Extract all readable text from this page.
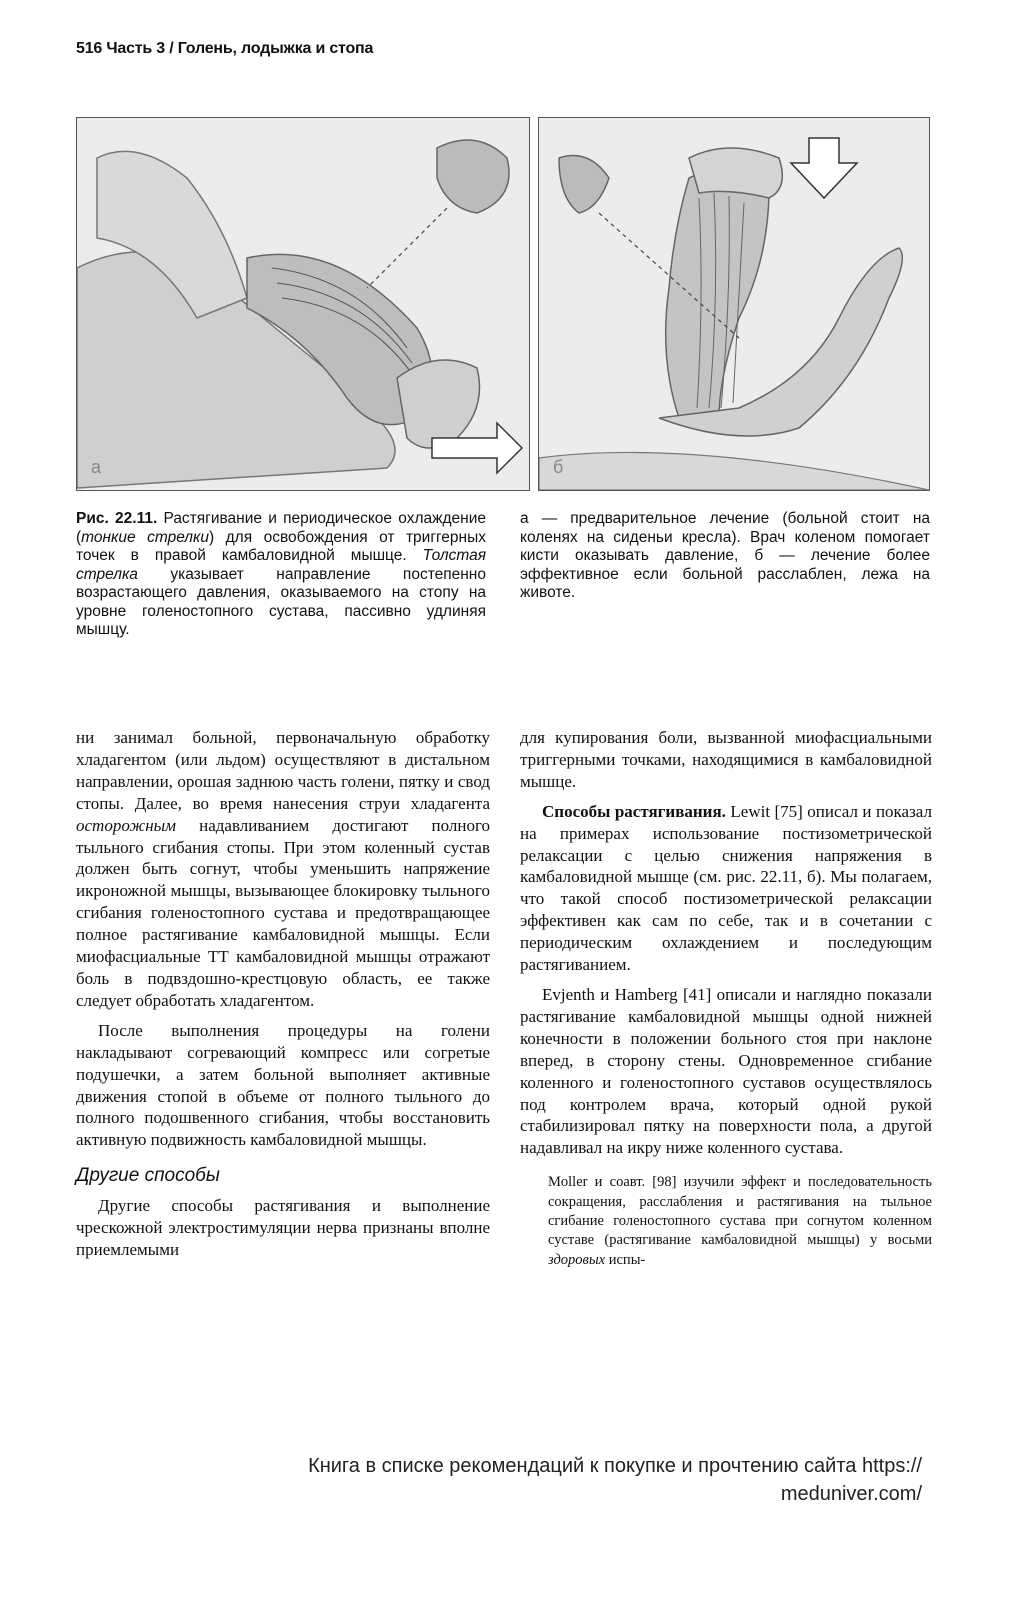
516 Часть 3 / Голень, лодыжка и стопа
a	б
Рис. 22.11. Растягивание и периодическое охлаждение (тонкие стрелки) для освобождения от триггерных точек в правой камбаловидной мышце. Толстая стрелка указывает направление постепенно возрастающего давления, оказываемого на стопу на уровне голеностопного сустава, пассивно удлиняя мышцу.
а — предварительное лечение (больной стоит на коленях на сиденьи кресла). Врач коленом помогает кисти оказывать давление, б — лечение более эффективное если больной расслаблен, лежа на животе.

ни занимал больной, первоначальную обработку хладагентом (или льдом) осуществляют в дистальном направлении, орошая заднюю часть голени, пятку и свод стопы. Далее, во время нанесения струи хладагента осторожным надавливанием достигают полного тыльного сгибания стопы. При этом коленный сустав должен быть согнут, чтобы уменьшить напряжение икроножной мышцы, вызывающее блокировку тыльного сгибания голеностопного сустава и предотвращающее полное растягивание камбаловидной мышцы. Если миофасциальные ТТ камбаловидной мышцы отражают боль в подвздошно-крестцовую область, ее также следует обработать хладагентом.

После выполнения процедуры на голени накладывают согревающий компресс или согретые подушечки, а затем больной выполняет активные движения стопой в объеме от полного тыльного до полного подошвенного сгибания, чтобы восстановить активную подвижность камбаловидной мышцы.

Другие способы

Другие способы растягивания и выполнение чрескожной электростимуляции нерва признаны вполне приемлемыми

для купирования боли, вызванной миофасциальными триггерными точками, находящимися в камбаловидной мышце.

Способы растягивания. Lewit [75] описал и показал на примерах использование постизометрической релаксации с целью снижения напряжения в камбаловидной мышце (см. рис. 22.11, б). Мы полагаем, что такой способ постизометрической релаксации эффективен как сам по себе, так и в сочетании с периодическим охлаждением и последующим растягиванием.

Evjenth и Hamberg [41] описали и наглядно показали растягивание камбаловидной мышцы одной нижней конечности в положении больного стоя при наклоне вперед, в сторону стены. Одновременное сгибание коленного и голеностопного суставов осуществлялось под контролем врача, который одной рукой стабилизировал пятку на поверхности пола, а другой надавливал на икру ниже коленного сустава.

Moller и соавт. [98] изучили эффект и последовательность сокращения, расслабления и растягивания на тыльное сгибание голеностопного сустава при согнутом коленном суставе (растягивание камбаловидной мышцы) у восьми здоровых испы-

Книга в списке рекомендаций к покупке и прочтению сайта https://
meduniver.com/
